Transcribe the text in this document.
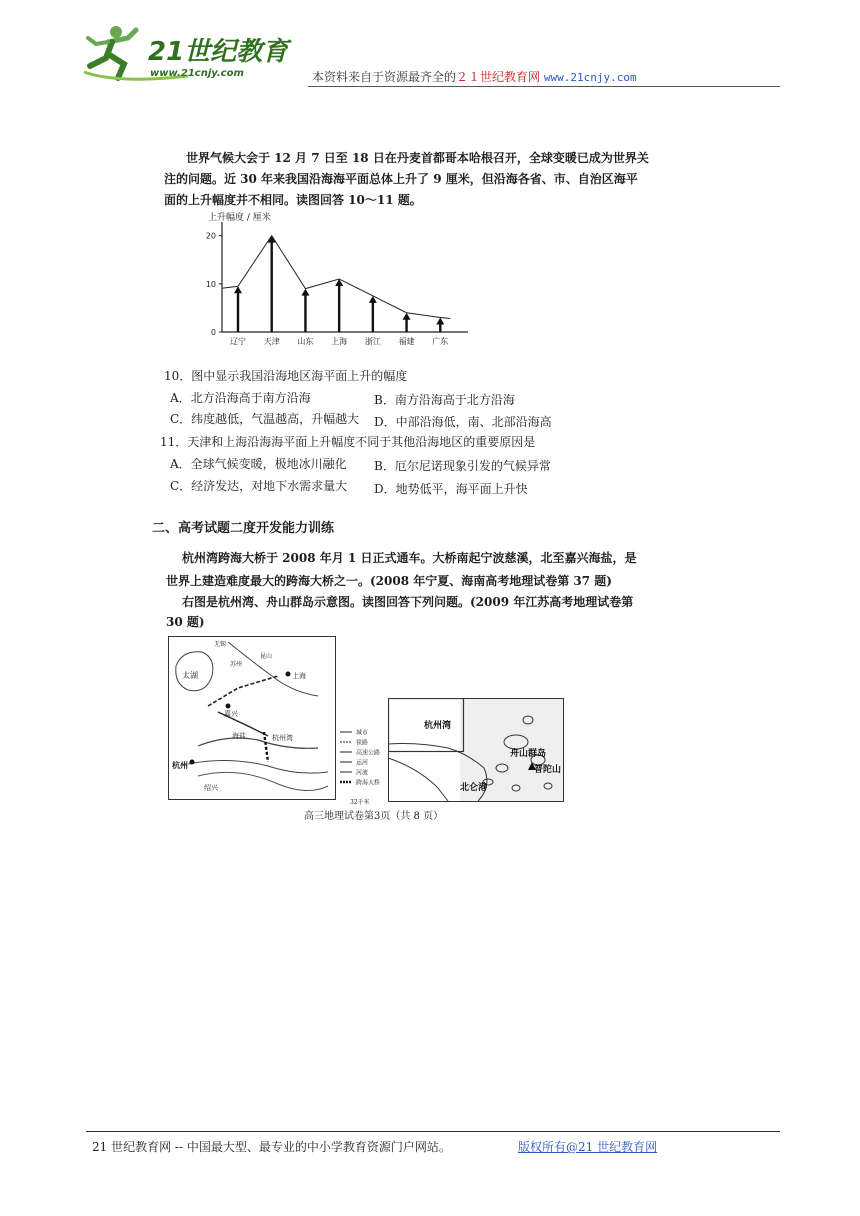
21世纪教育
www.21cnjy.com	本资料来自于资源最齐全的２１世纪教育网 www.21cnjy.com
世界气候大会于 12 月 7 日至 18 日在丹麦首都哥本哈根召开，全球变暖已成为世界关
注的问题。近 30 年来我国沿海海平面总体上升了 9 厘米，但沿海各省、市、自治区海平
面的上升幅度并不相同。读图回答 10～11 题。
上升幅度 / 厘米
0
10
20
辽宁 天津 山东 上海 浙江 福建 广东
10．图中显示我国沿海地区海平面上升的幅度
A．北方沿海高于南方沿海	B．南方沿海高于北方沿海
C．纬度越低，气温越高，升幅越大 D．中部沿海低，南、北部沿海高
11．天津和上海沿海海平面上升幅度不同于其他沿海地区的重要原因是
A．全球气候变暖，极地冰川融化 B．厄尔尼诺现象引发的气候异常
C．经济发达，对地下水需求量大 D．地势低平，海平面上升快
二、高考试题二度开发能力训练
杭州湾跨海大桥于 2008 年月 1 日正式通车。大桥南起宁波慈溪，北至嘉兴海盐，是
世界上建造难度最大的跨海大桥之一。(2008 年宁夏、海南高考地理试卷第 37 题)
右图是杭州湾、舟山群岛示意图。读图回答下列问题。(2009 年江苏高考地理试卷第
30 题)
太湖
无锡
苏州
昆山
上海
嘉兴
海盐
杭州
绍兴
杭州湾
城市
铁路
高速公路
运河
河流
跨海大桥
32千米
杭州湾
舟山群岛
普陀山
北仑港
高三地理试卷第3页（共 8 页）
21 世纪教育网 -- 中国最大型、最专业的中小学教育资源门户网站。	版权所有@21 世纪教育网
